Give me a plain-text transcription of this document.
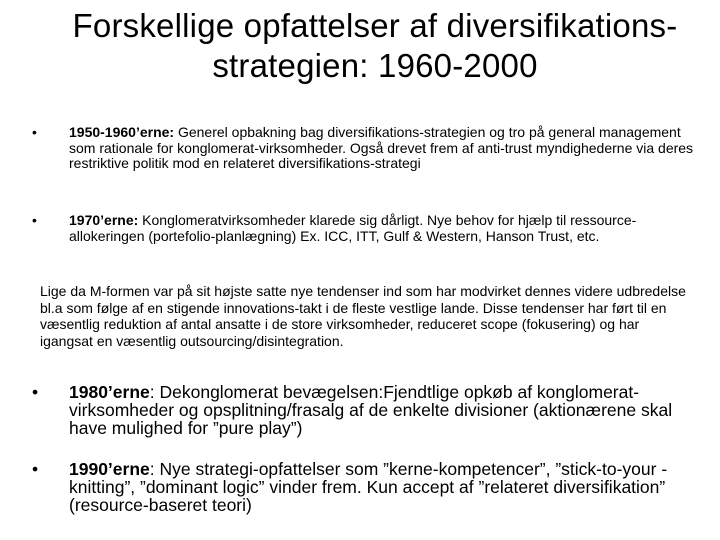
Forskellige opfattelser af diversifikations-strategien: 1960-2000
• 1950-1960’erne: Generel opbakning bag diversifikations-strategien og tro på general management som rationale for konglomerat-virksomheder. Også drevet frem af anti-trust myndighederne via deres restriktive politik mod en relateret diversifikations-strategi
• 1970’erne: Konglomeratvirksomheder klarede sig dårligt. Nye behov for hjælp til ressource-allokeringen (portefolio-planlægning) Ex. ICC, ITT, Gulf & Western, Hanson Trust, etc.
Lige da M-formen var på sit højste satte nye tendenser ind som har modvirket dennes videre udbredelse bl.a som følge af en stigende innovations-takt i de fleste vestlige lande. Disse tendenser har ført til en væsentlig reduktion af antal ansatte i de store virksomheder, reduceret scope (fokusering) og har igangsat en væsentlig outsourcing/disintegration.
• 1980’erne: Dekonglomerat bevægelsen:Fjendtlige opkøb af konglomerat-virksomheder og opsplitning/frasalg af de enkelte divisioner (aktionærene skal have mulighed for ”pure play”)
• 1990’erne: Nye strategi-opfattelser som ”kerne-kompetencer”, ”stick-to-your -knitting”, ”dominant logic” vinder frem. Kun accept af ”relateret diversifikation” (resource-baseret teori)
